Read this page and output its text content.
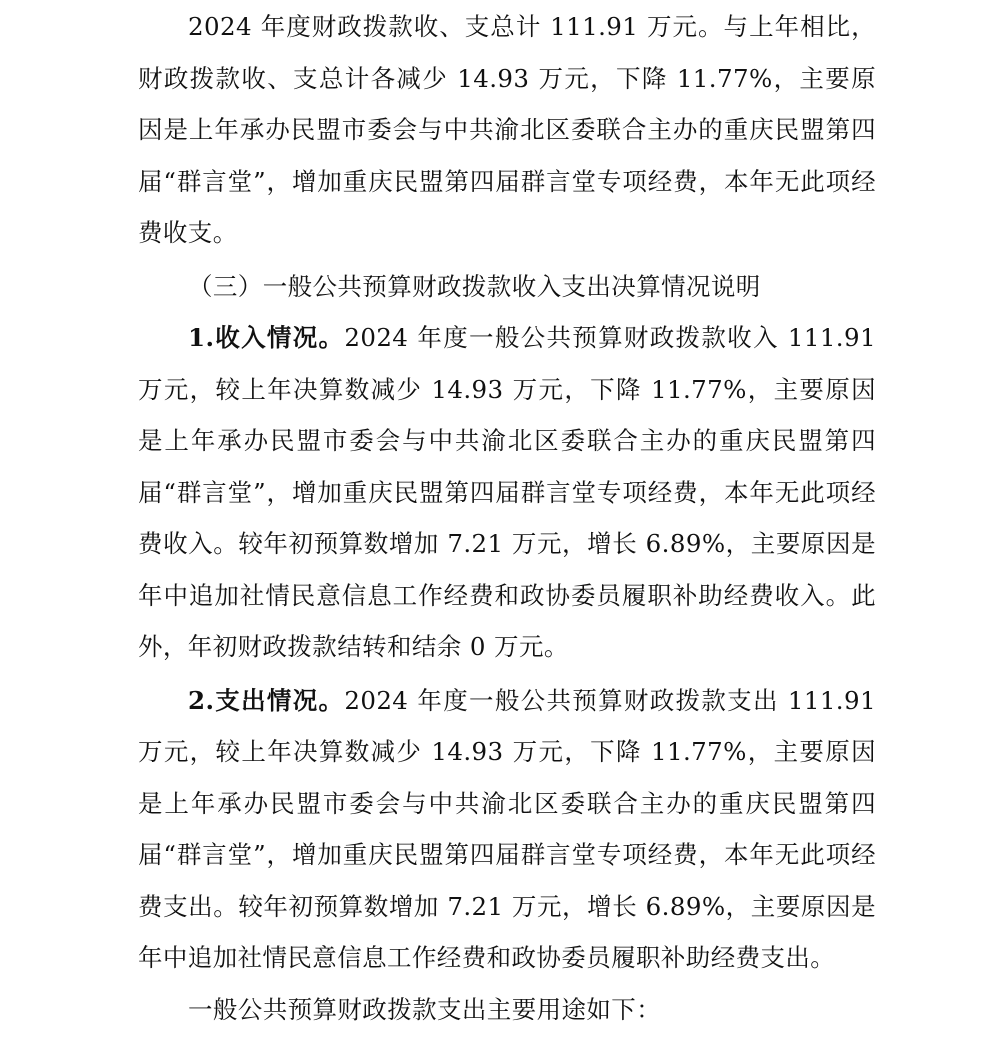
2024 年度财政拨款收、支总计 111.91 万元。与上年相比，财政拨款收、支总计各减少 14.93 万元，下降 11.77%，主要原因是上年承办民盟市委会与中共渝北区委联合主办的重庆民盟第四届“群言堂”，增加重庆民盟第四届群言堂专项经费，本年无此项经费收支。

（三）一般公共预算财政拨款收入支出决算情况说明

1.收入情况。2024 年度一般公共预算财政拨款收入 111.91 万元，较上年决算数减少 14.93 万元，下降 11.77%，主要原因是上年承办民盟市委会与中共渝北区委联合主办的重庆民盟第四届“群言堂”，增加重庆民盟第四届群言堂专项经费，本年无此项经费收入。较年初预算数增加 7.21 万元，增长 6.89%，主要原因是年中追加社情民意信息工作经费和政协委员履职补助经费收入。此外，年初财政拨款结转和结余 0 万元。

2.支出情况。2024 年度一般公共预算财政拨款支出 111.91 万元，较上年决算数减少 14.93 万元，下降 11.77%，主要原因是上年承办民盟市委会与中共渝北区委联合主办的重庆民盟第四届“群言堂”，增加重庆民盟第四届群言堂专项经费，本年无此项经费支出。较年初预算数增加 7.21 万元，增长 6.89%，主要原因是年中追加社情民意信息工作经费和政协委员履职补助经费支出。

一般公共预算财政拨款支出主要用途如下：
